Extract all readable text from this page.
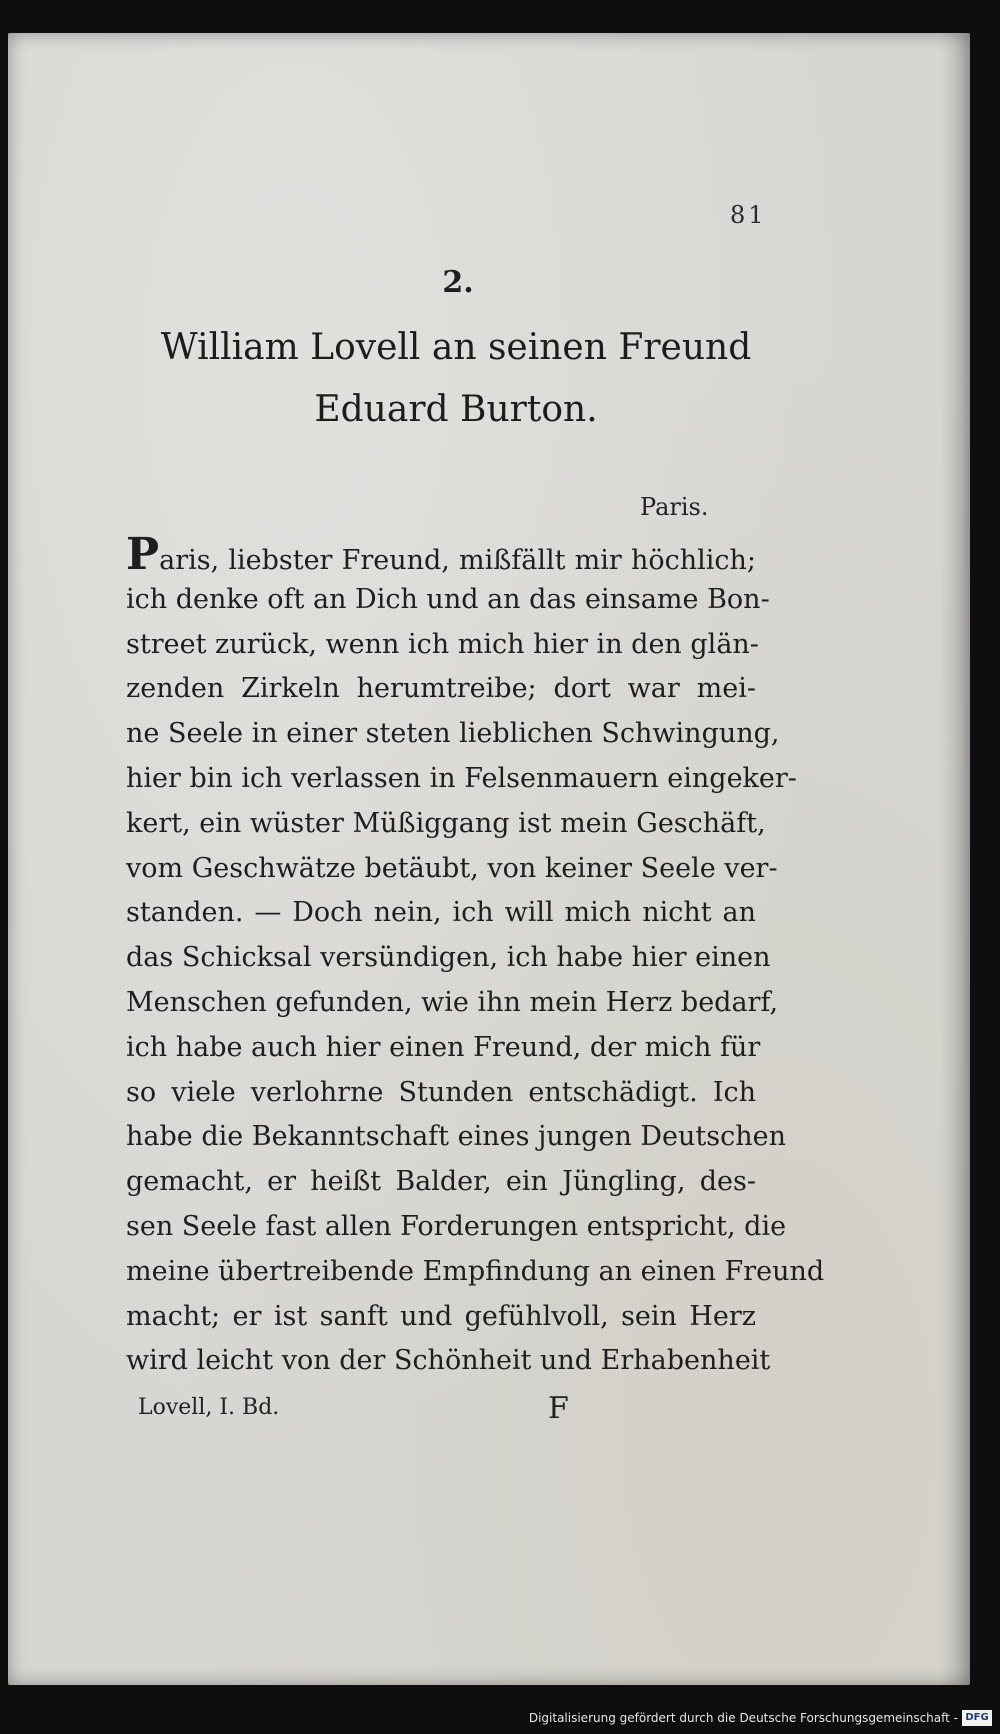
81
2.
William Lovell an seinen Freund Eduard Burton.
Paris.
Paris, liebster Freund, mißfällt mir höchlich;
ich denke oft an Dich und an das einsame Bon-
street zurück, wenn ich mich hier in den glän-
zenden Zirkeln herumtreibe; dort war mei-
ne Seele in einer steten lieblichen Schwingung,
hier bin ich verlassen in Felsenmauern eingeker-
kert, ein wüster Müßiggang ist mein Geschäft,
vom Geschwätze betäubt, von keiner Seele ver-
standen. — Doch nein, ich will mich nicht an
das Schicksal versündigen, ich habe hier einen
Menschen gefunden, wie ihn mein Herz bedarf,
ich habe auch hier einen Freund, der mich für
so viele verlohrne Stunden entschädigt. Ich
habe die Bekanntschaft eines jungen Deutschen
gemacht, er heißt Balder, ein Jüngling, des-
sen Seele fast allen Forderungen entspricht, die
meine übertreibende Empfindung an einen Freund
macht; er ist sanft und gefühlvoll, sein Herz
wird leicht von der Schönheit und Erhabenheit
Lovell, I. Bd.	F
Digitalisierung gefördert durch die Deutsche Forschungsgemeinschaft - DFG
